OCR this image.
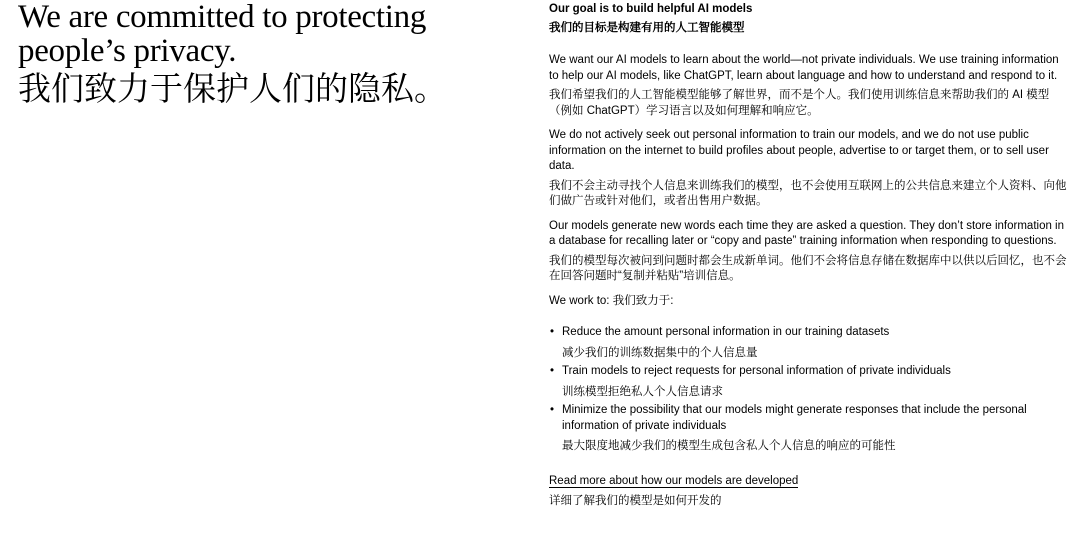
We are committed to protecting

people’s privacy.

我们致力于保护人们的隐私。

Our goal is to build helpful AI models

我们的目标是构建有用的人工智能模型

We want our AI models to learn about the world—not private individuals. We use training information to help our AI models, like ChatGPT, learn about language and how to understand and respond to it.

我们希望我们的人工智能模型能够了解世界，而不是个人。我们使用训练信息来帮助我们的 AI 模型（例如 ChatGPT）学习语言以及如何理解和响应它。

We do not actively seek out personal information to train our models, and we do not use public information on the internet to build profiles about people, advertise to or target them, or to sell user data.

我们不会主动寻找个人信息来训练我们的模型，也不会使用互联网上的公共信息来建立个人资料、向他们做广告或针对他们，或者出售用户数据。

Our models generate new words each time they are asked a question. They don’t store information in a database for recalling later or “copy and paste” training information when responding to questions.

我们的模型每次被问到问题时都会生成新单词。他们不会将信息存储在数据库中以供以后回忆，也不会在回答问题时“复制并粘贴”培训信息。

We work to: 我们致力于:

• Reduce the amount personal information in our training datasets
减少我们的训练数据集中的个人信息量
• Train models to reject requests for personal information of private individuals
训练模型拒绝私人个人信息请求
• Minimize the possibility that our models might generate responses that include the personal information of private individuals
最大限度地减少我们的模型生成包含私人个人信息的响应的可能性
Read more about how our models are developed

详细了解我们的模型是如何开发的
